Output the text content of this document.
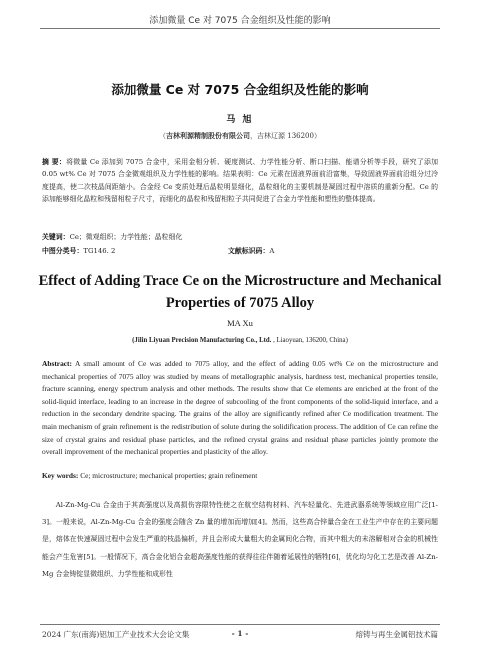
添加微量 Ce 对 7075 合金组织及性能的影响
添加微量 Ce 对 7075 合金组织及性能的影响
马 旭
（吉林利源精制股份有限公司，吉林辽源 136200）
摘 要：将微量 Ce 添加到 7075 合金中，采用金相分析、硬度测试、力学性能分析、断口扫描、能谱分析等手段，研究了添加 0.05 wt% Ce 对 7075 合金微观组织及力学性能的影响。结果表明：Ce 元素在固液界面前沿富集，导致固液界面前沿组分过冷度提高，使二次枝晶间距缩小。合金经 Ce 变质处理后晶粒明显细化，晶粒细化的主要机制是凝固过程中溶质的重新分配。Ce 的添加能够细化晶粒和残留相粒子尺寸，而细化的晶粒和残留相粒子共同促进了合金力学性能和塑性的整体提高。
关键词：Ce；微观组织；力学性能；晶粒细化
中图分类号：TG146. 2	文献标识码：A
Effect of Adding Trace Ce on the Microstructure and Mechanical Properties of 7075 Alloy
MA Xu
(Jilin Liyuan Precision Manufacturing Co., Ltd. , Liaoyuan, 136200, China)
Abstract: A small amount of Ce was added to 7075 alloy, and the effect of adding 0.05 wt% Ce on the microstructure and mechanical properties of 7075 alloy was studied by means of metallographic analysis, hardness test, mechanical properties tensile, fracture scanning, energy spectrum analysis and other methods. The results show that Ce elements are enriched at the front of the solid-liquid interface, leading to an increase in the degree of subcooling of the front components of the solid-liquid interface, and a reduction in the secondary dendrite spacing. The grains of the alloy are significantly refined after Ce modification treatment. The main mechanism of grain refinement is the redistribution of solute during the solidification process. The addition of Ce can refine the size of crystal grains and residual phase particles, and the refined crystal grains and residual phase particles jointly promote the overall improvement of the mechanical properties and plasticity of the alloy.
Key words: Ce; microstructure; mechanical properties; grain refinement
Al-Zn-Mg-Cu 合金由于其高强度以及高损伤容限特性使之在航空结构材料、汽车轻量化、先进武器系统等领域应用广泛[1-3]。一般来说，Al-Zn-Mg-Cu 合金的强度会随含 Zn 量的增加而增加[4]。然而，这些高合锌量合金在工业生产中存在的主要问题是，熔体在快速凝固过程中会发生严重的枝晶偏析，并且会形成大量粗大的金属间化合物，而其中粗大的未溶解相对合金的机械性能会产生危害[5]。一般情况下，高合金化铝合金超高强度性能的获得往往伴随着延展性的牺牲[6]，优化均匀化工艺是改善 Al-Zn-Mg 合金铸锭显微组织、力学性能和成形性
2024 广东(南海)铝加工产业技术大会论文集	- 1 -	熔铸与再生金属铝技术篇
